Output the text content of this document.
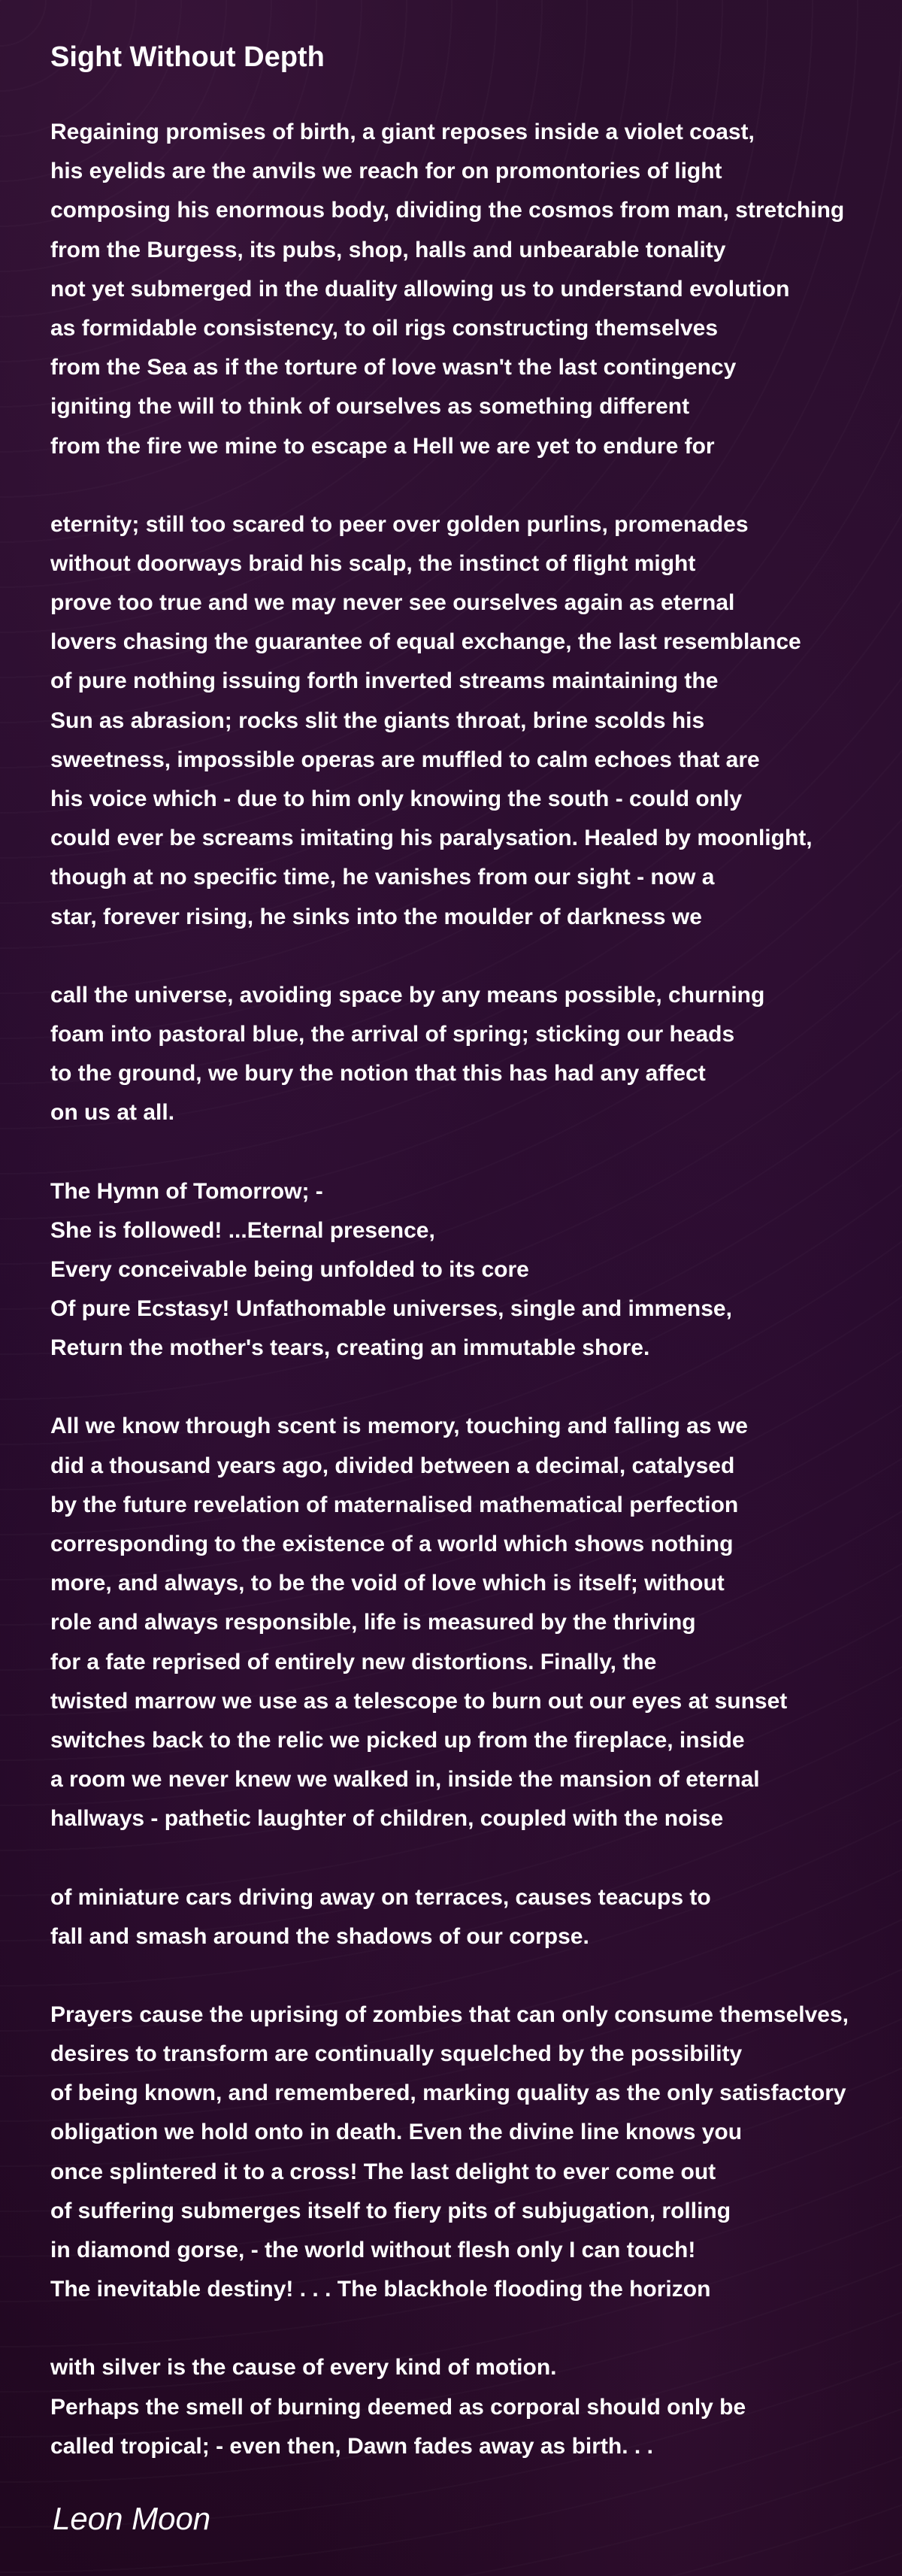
Sight Without Depth
Regaining promises of birth, a giant reposes inside a violet coast,
his eyelids are the anvils we reach for on promontories of light
composing his enormous body, dividing the cosmos from man, stretching
from the Burgess, its pubs, shop, halls and unbearable tonality
not yet submerged in the duality allowing us to understand evolution
as formidable consistency, to oil rigs constructing themselves
from the Sea as if the torture of love wasn't the last contingency
igniting the will to think of ourselves as something different
from the fire we mine to escape a Hell we are yet to endure for
eternity; still too scared to peer over golden purlins, promenades
without doorways braid his scalp, the instinct of flight might
prove too true and we may never see ourselves again as eternal
lovers chasing the guarantee of equal exchange, the last resemblance
of pure nothing issuing forth inverted streams maintaining the
Sun as abrasion; rocks slit the giants throat, brine scolds his
sweetness, impossible operas are muffled to calm echoes that are
his voice which - due to him only knowing the south - could only
could ever be screams imitating his paralysation. Healed by moonlight,
though at no specific time, he vanishes from our sight - now a
star, forever rising, he sinks into the moulder of darkness we
call the universe, avoiding space by any means possible, churning
foam into pastoral blue, the arrival of spring; sticking our heads
to the ground, we bury the notion that this has had any affect
on us at all.
The Hymn of Tomorrow; -
She is followed! ...Eternal presence,
Every conceivable being unfolded to its core
Of pure Ecstasy! Unfathomable universes, single and immense,
Return the mother's tears, creating an immutable shore.
All we know through scent is memory, touching and falling as we
did a thousand years ago, divided between a decimal, catalysed
by the future revelation of maternalised mathematical perfection
corresponding to the existence of a world which shows nothing
more, and always, to be the void of love which is itself; without
role and always responsible, life is measured by the thriving
for a fate reprised of entirely new distortions. Finally, the
twisted marrow we use as a telescope to burn out our eyes at sunset
switches back to the relic we picked up from the fireplace, inside
a room we never knew we walked in, inside the mansion of eternal
hallways - pathetic laughter of children, coupled with the noise
of miniature cars driving away on terraces, causes teacups to
fall and smash around the shadows of our corpse.
Prayers cause the uprising of zombies that can only consume themselves,
desires to transform are continually squelched by the possibility
of being known, and remembered, marking quality as the only satisfactory
obligation we hold onto in death. Even the divine line knows you
once splintered it to a cross! The last delight to ever come out
of suffering submerges itself to fiery pits of subjugation, rolling
in diamond gorse, - the world without flesh only I can touch!
The inevitable destiny! . . . The blackhole flooding the horizon
with silver is the cause of every kind of motion.
Perhaps the smell of burning deemed as corporal should only be
called tropical; - even then, Dawn fades away as birth. . .

Leon Moon
